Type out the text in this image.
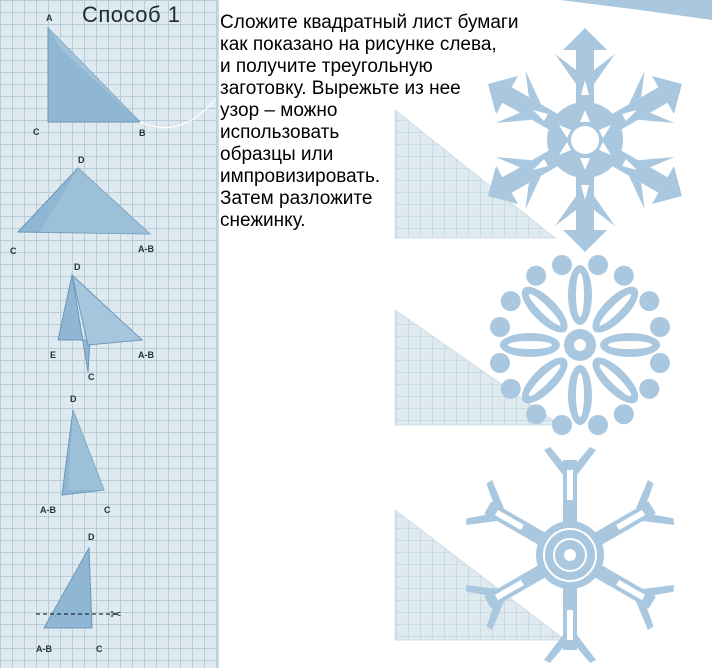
Способ 1
✂
A
B
C
D
C	A-B
D
E
C
A-B
D
A-B	C
D
A-B	C
Сложите квадратный лист бумаги
как показано на рисунке слева,
и получите треугольную
заготовку. Вырежьте из нее
узор – можно
использовать
образцы или
импровизировать.
Затем разложите
снежинку.
